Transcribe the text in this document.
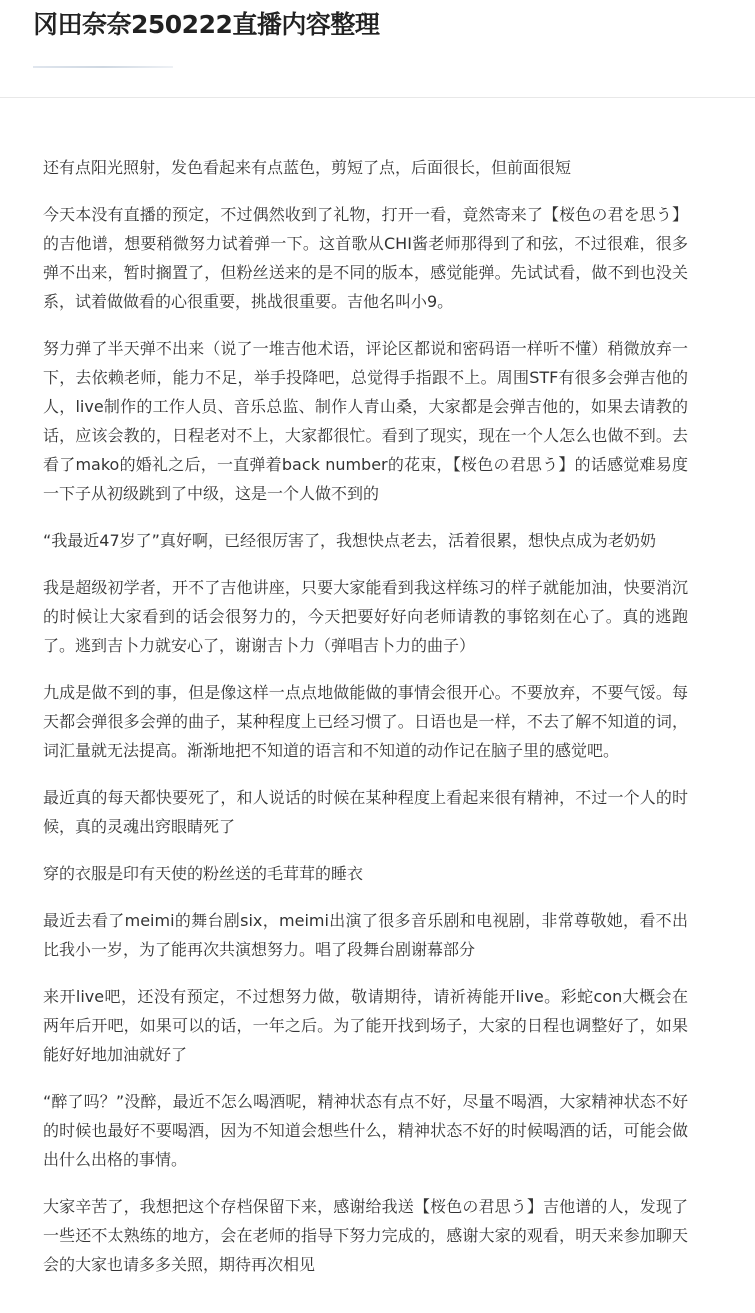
冈田奈奈250222直播内容整理

还有点阳光照射，发色看起来有点蓝色，剪短了点，后面很长，但前面很短

今天本没有直播的预定，不过偶然收到了礼物，打开一看，竟然寄来了【桜色の君を思う】的吉他谱，想要稍微努力试着弹一下。这首歌从CHI酱老师那得到了和弦，不过很难，很多弹不出来，暂时搁置了，但粉丝送来的是不同的版本，感觉能弹。先试试看，做不到也没关系，试着做做看的心很重要，挑战很重要。吉他名叫小9。

努力弹了半天弹不出来（说了一堆吉他术语，评论区都说和密码语一样听不懂）稍微放弃一下，去依赖老师，能力不足，举手投降吧，总觉得手指跟不上。周围STF有很多会弹吉他的人，live制作的工作人员、音乐总监、制作人青山桑，大家都是会弹吉他的，如果去请教的话，应该会教的，日程老对不上，大家都很忙。看到了现实，现在一个人怎么也做不到。去看了mako的婚礼之后，一直弹着back number的花束，【桜色の君思う】的话感觉难易度一下子从初级跳到了中级，这是一个人做不到的

“我最近47岁了”真好啊，已经很厉害了，我想快点老去，活着很累，想快点成为老奶奶

我是超级初学者，开不了吉他讲座，只要大家能看到我这样练习的样子就能加油，快要消沉的时候让大家看到的话会很努力的，今天把要好好向老师请教的事铭刻在心了。真的逃跑了。逃到吉卜力就安心了，谢谢吉卜力（弹唱吉卜力的曲子）

九成是做不到的事，但是像这样一点点地做能做的事情会很开心。不要放弃，不要气馁。每天都会弹很多会弹的曲子，某种程度上已经习惯了。日语也是一样，不去了解不知道的词，词汇量就无法提高。渐渐地把不知道的语言和不知道的动作记在脑子里的感觉吧。

最近真的每天都快要死了，和人说话的时候在某种程度上看起来很有精神，不过一个人的时候，真的灵魂出窍眼睛死了

穿的衣服是印有天使的粉丝送的毛茸茸的睡衣

最近去看了meimi的舞台剧six，meimi出演了很多音乐剧和电视剧，非常尊敬她，看不出比我小一岁，为了能再次共演想努力。唱了段舞台剧谢幕部分

来开live吧，还没有预定，不过想努力做，敬请期待，请祈祷能开live。彩蛇con大概会在两年后开吧，如果可以的话，一年之后。为了能开找到场子，大家的日程也调整好了，如果能好好地加油就好了

“醉了吗？”没醉，最近不怎么喝酒呢，精神状态有点不好，尽量不喝酒，大家精神状态不好的时候也最好不要喝酒，因为不知道会想些什么，精神状态不好的时候喝酒的话，可能会做出什么出格的事情。

大家辛苦了，我想把这个存档保留下来，感谢给我送【桜色の君思う】吉他谱的人，发现了一些还不太熟练的地方，会在老师的指导下努力完成的，感谢大家的观看，明天来参加聊天会的大家也请多多关照，期待再次相见
